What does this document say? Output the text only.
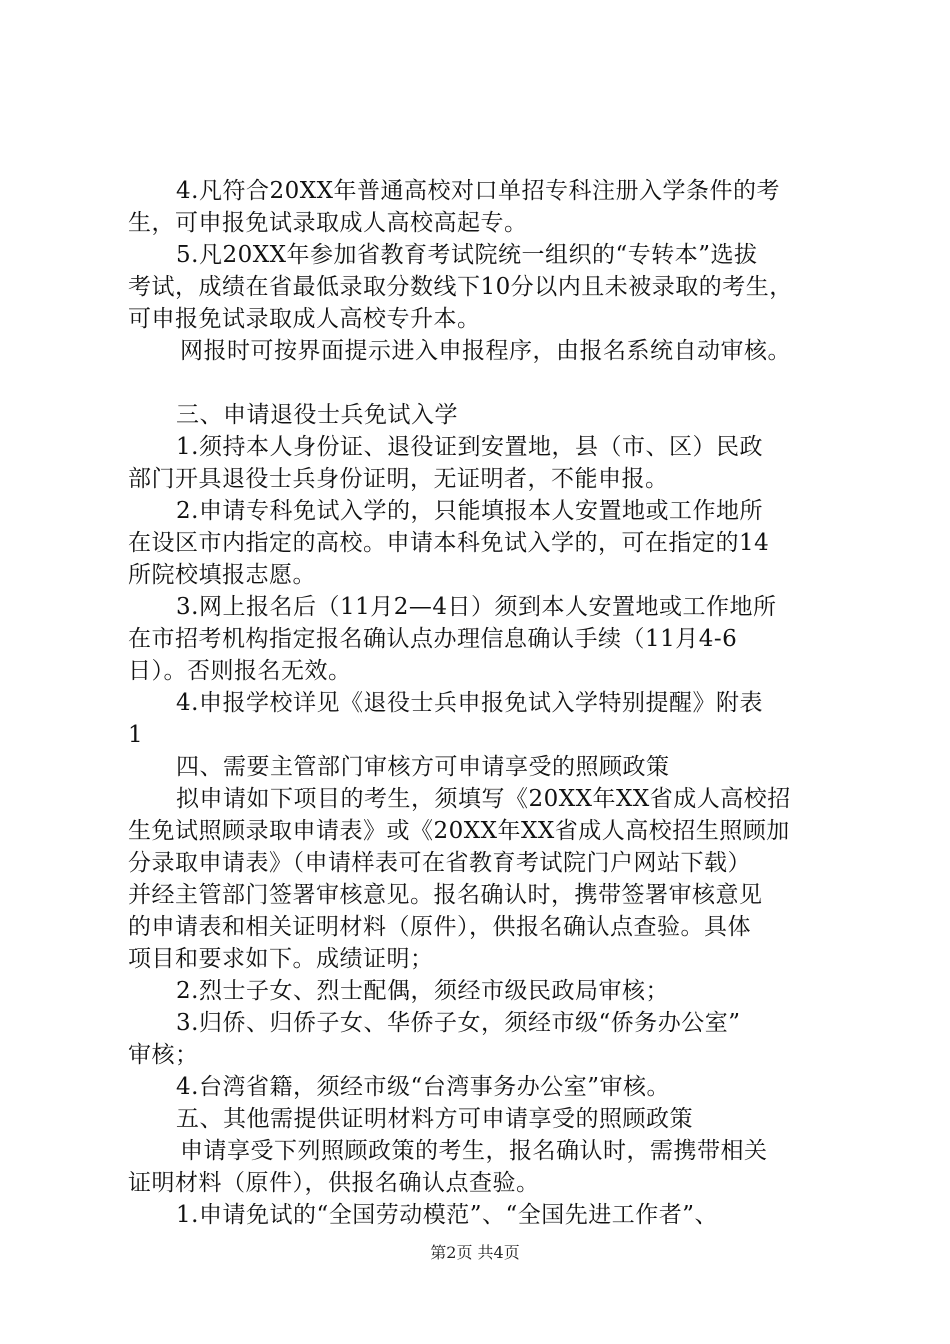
4.凡符合20XX年普通高校对口单招专科注册入学条件的考
生，可申报免试录取成人高校高起专。
5.凡20XX年参加省教育考试院统一组织的“专转本”选拔
考试，成绩在省最低录取分数线下10分以内且未被录取的考生，
可申报免试录取成人高校专升本。
网报时可按界面提示进入申报程序，由报名系统自动审核。
三、申请退役士兵免试入学
1.须持本人身份证、退役证到安置地，县（市、区）民政
部门开具退役士兵身份证明，无证明者，不能申报。
2.申请专科免试入学的，只能填报本人安置地或工作地所
在设区市内指定的高校。申请本科免试入学的，可在指定的14
所院校填报志愿。
3.网上报名后（11月2—4日）须到本人安置地或工作地所
在市招考机构指定报名确认点办理信息确认手续（11月4-6
日）。否则报名无效。
4.申报学校详见《退役士兵申报免试入学特别提醒》附表
1
四、需要主管部门审核方可申请享受的照顾政策
拟申请如下项目的考生，须填写《20XX年XX省成人高校招
生免试照顾录取申请表》或《20XX年XX省成人高校招生照顾加
分录取申请表》（申请样表可在省教育考试院门户网站下载）
并经主管部门签署审核意见。报名确认时，携带签署审核意见
的申请表和相关证明材料（原件），供报名确认点查验。具体
项目和要求如下。成绩证明；
2.烈士子女、烈士配偶，须经市级民政局审核；
3.归侨、归侨子女、华侨子女，须经市级“侨务办公室”
审核；
4.台湾省籍，须经市级“台湾事务办公室”审核。
五、其他需提供证明材料方可申请享受的照顾政策
申请享受下列照顾政策的考生，报名确认时，需携带相关
证明材料（原件），供报名确认点查验。
1.申请免试的“全国劳动模范”、“全国先进工作者”、
第2页 共4页
